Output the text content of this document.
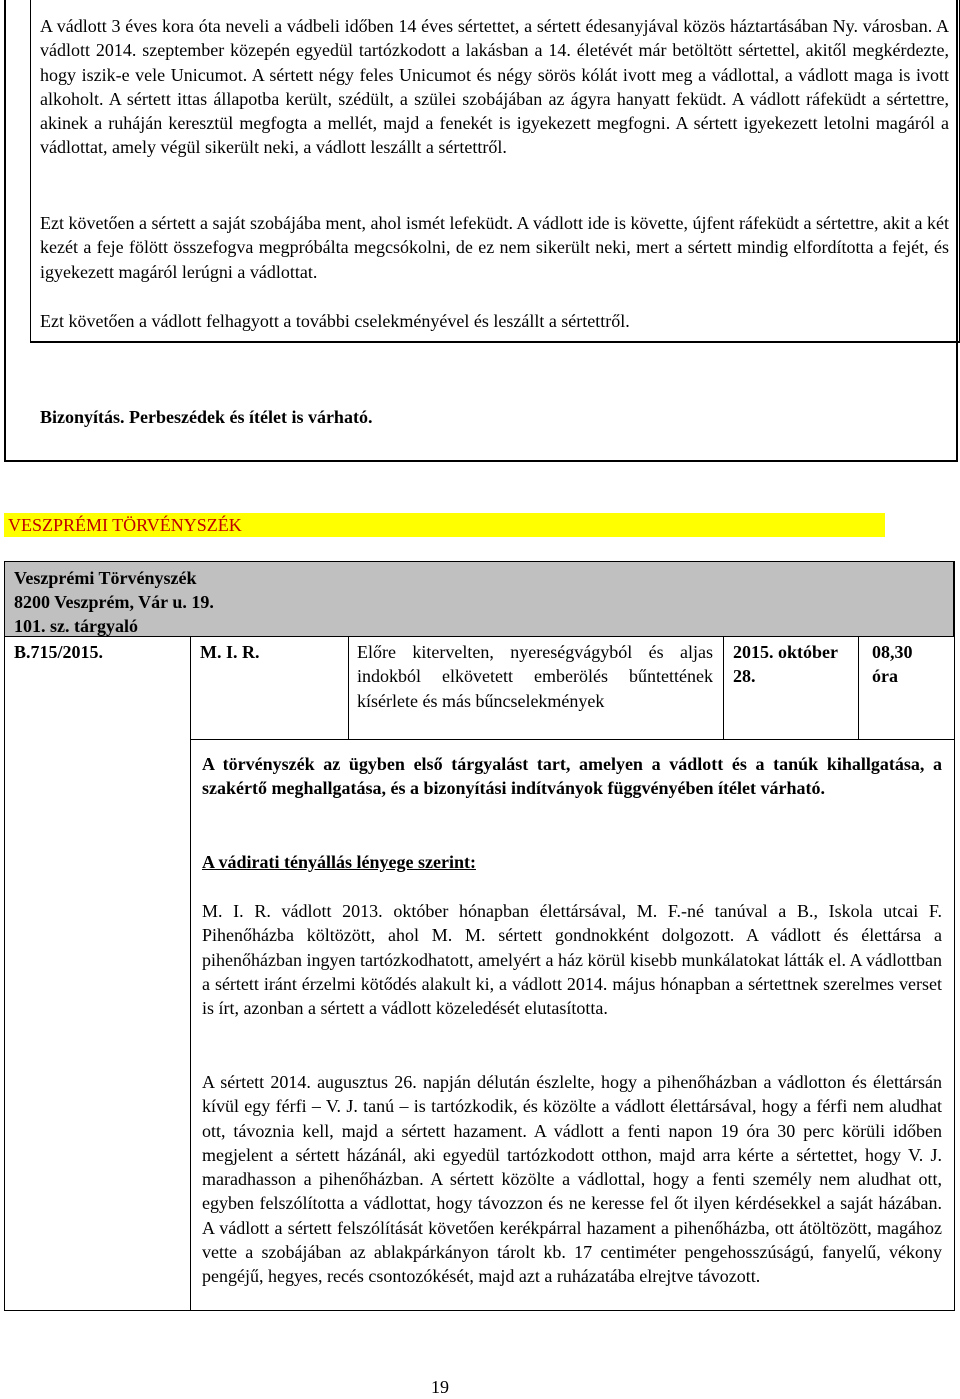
A vádlott 3 éves kora óta neveli a vádbeli időben 14 éves sértettet, a sértett édesanyjával közös háztartásában Ny. városban. A vádlott 2014. szeptember közepén egyedül tartózkodott a lakásban a 14. életévét már betöltött sértettel, akitől megkérdezte, hogy iszik-e vele Unicumot. A sértett négy feles Unicumot és négy sörös kólát ivott meg a vádlottal, a vádlott maga is ivott alkoholt. A sértett ittas állapotba került, szédült, a szülei szobájában az ágyra hanyatt feküdt. A vádlott ráfeküdt a sértettre, akinek a ruháján keresztül megfogta a mellét, majd a fenekét is igyekezett megfogni. A sértett igyekezett letolni magáról a vádlottat, amely végül sikerült neki, a vádlott leszállt a sértettről.

Ezt követően a sértett a saját szobájába ment, ahol ismét lefeküdt. A vádlott ide is követte, újfent ráfeküdt a sértettre, akit a két kezét a feje fölött összefogva megpróbálta megcsókolni, de ez nem sikerült neki, mert a sértett mindig elfordította a fejét, és igyekezett magáról lerúgni a vádlottat.

Ezt követően a vádlott felhagyott a további cselekményével és leszállt a sértettről.

Bizonyítás. Perbeszédek és ítélet is várható.

VESZPRÉMI TÖRVÉNYSZÉK
Veszprémi Törvényszék
8200 Veszprém, Vár u. 19.
101. sz. tárgyaló
B.715/2015.	M. I. R.	Előre kitervelten, nyereségvágyból és aljas indokból elkövetett emberölés bűntettének kísérlete és más bűncselekmények
2015. október 28.
08,30 óra

A törvényszék az ügyben első tárgyalást tart, amelyen a vádlott és a tanúk kihallgatása, a szakértő meghallgatása, és a bizonyítási indítványok függvényében ítélet várható.

A vádirati tényállás lényege szerint:

M. I. R. vádlott 2013. október hónapban élettársával, M. F.-né tanúval a B., Iskola utcai F. Pihenőházba költözött, ahol M. M. sértett gondnokként dolgozott. A vádlott és élettársa a pihenőházban ingyen tartózkodhatott, amelyért a ház körül kisebb munkálatokat látták el. A vádlottban a sértett iránt érzelmi kötődés alakult ki, a vádlott 2014. május hónapban a sértettnek szerelmes verset is írt, azonban a sértett a vádlott közeledését elutasította.

A sértett 2014. augusztus 26. napján délután észlelte, hogy a pihenőházban a vádlotton és élettársán kívül egy férfi – V. J. tanú – is tartózkodik, és közölte a vádlott élettársával, hogy a férfi nem aludhat ott, távoznia kell, majd a sértett hazament. A vádlott a fenti napon 19 óra 30 perc körüli időben megjelent a sértett házánál, aki egyedül tartózkodott otthon, majd arra kérte a sértettet, hogy V. J. maradhasson a pihenőházban. A sértett közölte a vádlottal, hogy a fenti személy nem aludhat ott, egyben felszólította a vádlottat, hogy távozzon és ne keresse fel őt ilyen kérdésekkel a saját házában. A vádlott a sértett felszólítását követően kerékpárral hazament a pihenőházba, ott átöltözött, magához vette a szobájában az ablakpárkányon tárolt kb. 17 centiméter pengehosszúságú, fanyelű, vékony pengéjű, hegyes, recés csontozókését, majd azt a ruházatába elrejtve távozott.

19
